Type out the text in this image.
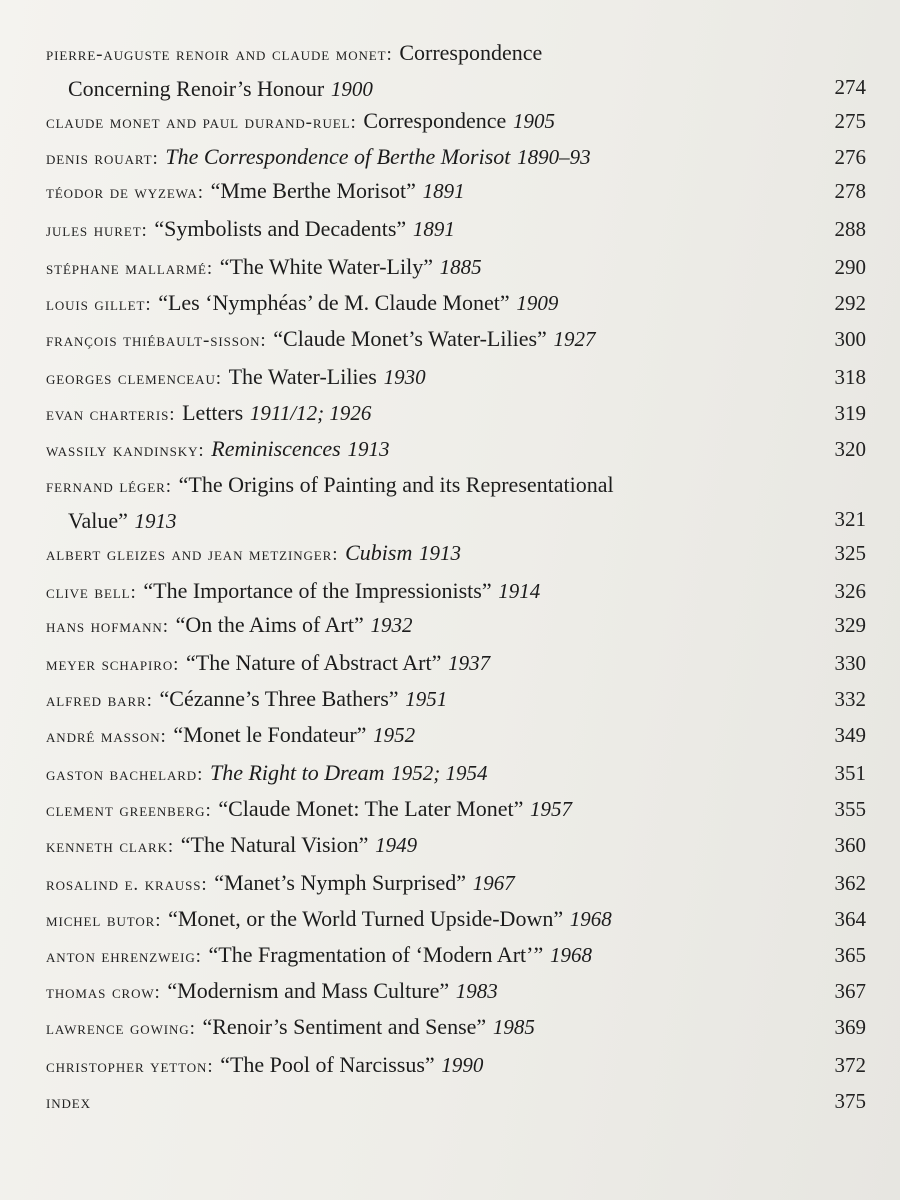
pierre-auguste renoir and claude monet: Correspondence
Concerning Renoir’s Honour 1900	274
claude monet and paul durand-ruel: Correspondence 1905	275
denis rouart: The Correspondence of Berthe Morisot 1890–93	276
téodor de wyzewa: “Mme Berthe Morisot” 1891	278
jules huret: “Symbolists and Decadents” 1891	288
stéphane mallarmé: “The White Water-Lily” 1885	290
louis gillet: “Les ‘Nymphéas’ de M. Claude Monet” 1909	292
françois thiébault-sisson: “Claude Monet’s Water-Lilies” 1927	300
georges clemenceau: The Water-Lilies 1930	318
evan charteris: Letters 1911/12; 1926	319
wassily kandinsky: Reminiscences 1913	320
fernand léger: “The Origins of Painting and its Representational
Value” 1913	321
albert gleizes and jean metzinger: Cubism 1913	325
clive bell: “The Importance of the Impressionists” 1914	326
hans hofmann: “On the Aims of Art” 1932	329
meyer schapiro: “The Nature of Abstract Art” 1937	330
alfred barr: “Cézanne’s Three Bathers” 1951	332
andré masson: “Monet le Fondateur” 1952	349
gaston bachelard: The Right to Dream 1952; 1954	351
clement greenberg: “Claude Monet: The Later Monet” 1957	355
kenneth clark: “The Natural Vision” 1949	360
rosalind e. krauss: “Manet’s Nymph Surprised” 1967	362
michel butor: “Monet, or the World Turned Upside-Down” 1968	364
anton ehrenzweig: “The Fragmentation of ‘Modern Art’” 1968	365
thomas crow: “Modernism and Mass Culture” 1983	367
lawrence gowing: “Renoir’s Sentiment and Sense” 1985	369
christopher yetton: “The Pool of Narcissus” 1990	372
index	375
